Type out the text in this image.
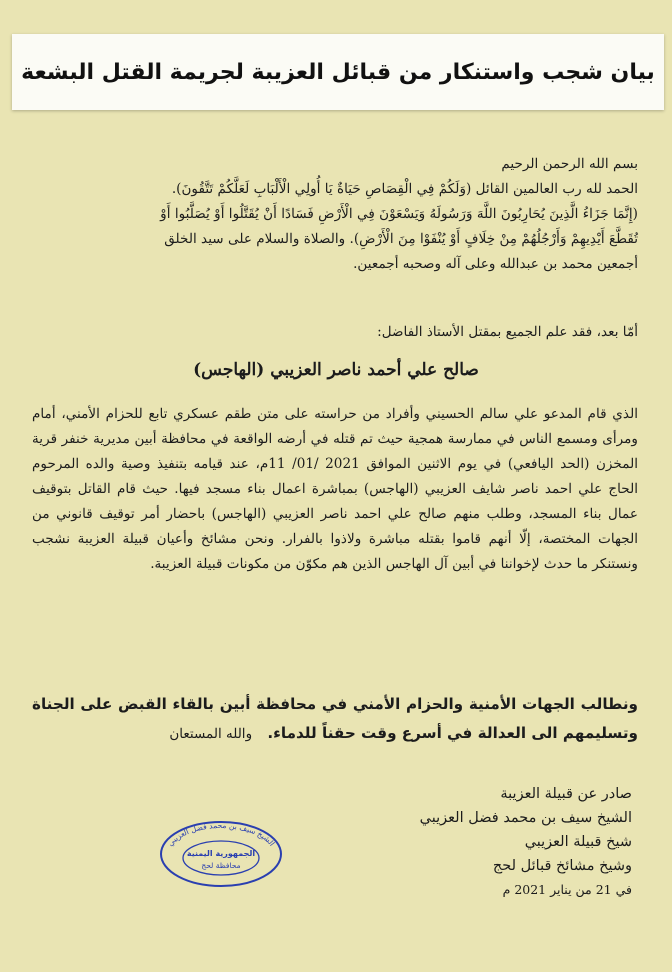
بيان شجب واستنكار من قبائل العزيبة لجريمة القتل البشعة

بسم الله الرحمن الرحيم

الحمد لله رب العالمين القائل (وَلَكُمْ فِي الْقِصَاصِ حَيَاةٌ يَا أُولِي الْأَلْبَابِ لَعَلَّكُمْ تَتَّقُونَ).

(إِنَّمَا جَزَاءُ الَّذِينَ يُحَارِبُونَ اللَّهَ وَرَسُولَهُ وَيَسْعَوْنَ فِي الْأَرْضِ فَسَادًا أَنْ يُقَتَّلُوا أَوْ يُصَلَّبُوا أَوْ

تُقَطَّعَ أَيْدِيهِمْ وَأَرْجُلُهُمْ مِنْ خِلَافٍ أَوْ يُنْفَوْا مِنَ الْأَرْضِ). والصلاة والسلام على سيد الخلق

أجمعين محمد بن عبدالله وعلى آله وصحبه أجمعين.

أمّا بعد، فقد علم الجميع بمقتل الأستاذ الفاضل:

صالح علي أحمد ناصر العزيبي (الهاجس)

الذي قام المدعو علي سالم الحسيني وأفراد من حراسته على متن طقم عسكري تابع للحزام الأمني، أمام ومرأى ومسمع الناس في ممارسة همجية حيث تم قتله في أرضه الواقعة في محافظة أبين مديرية خنفر قرية المخزن (الحد اليافعي) في يوم الاثنين الموافق 2021 /01/ 11م، عند قيامه بتنفيذ وصية والده المرحوم الحاج علي احمد ناصر شايف العزيبي (الهاجس) بمباشرة اعمال بناء مسجد فيها. حيث قام القاتل بتوقيف عمال بناء المسجد، وطلب منهم صالح علي احمد ناصر العزيبي (الهاجس) باحضار أمر توقيف قانوني من الجهات المختصة، إلّا أنهم قاموا بقتله مباشرة ولاذوا بالفرار. ونحن مشائخ وأعيان قبيلة العزيبة نشجب ونستنكر ما حدث لإخواننا في أبين آل الهاجس الذين هم مكوّن من مكونات قبيلة العزيبة.

ونطالب الجهات الأمنية والحزام الأمني في محافظة أبين بالقاء القبض على الجناة وتسليمهم الى العدالة في أسرع وقت حقناً للدماء. والله المستعان

صادر عن قبيلة العزيبة

الشيخ سيف بن محمد فضل العزيبي

شيخ قبيلة العزيبي

وشيخ مشائخ قبائل لحج

في 21 من يناير 2021 م

الشيخ سيف بن محمد فضل العزيبي
الجمهورية اليمنية
محافظة لحج
